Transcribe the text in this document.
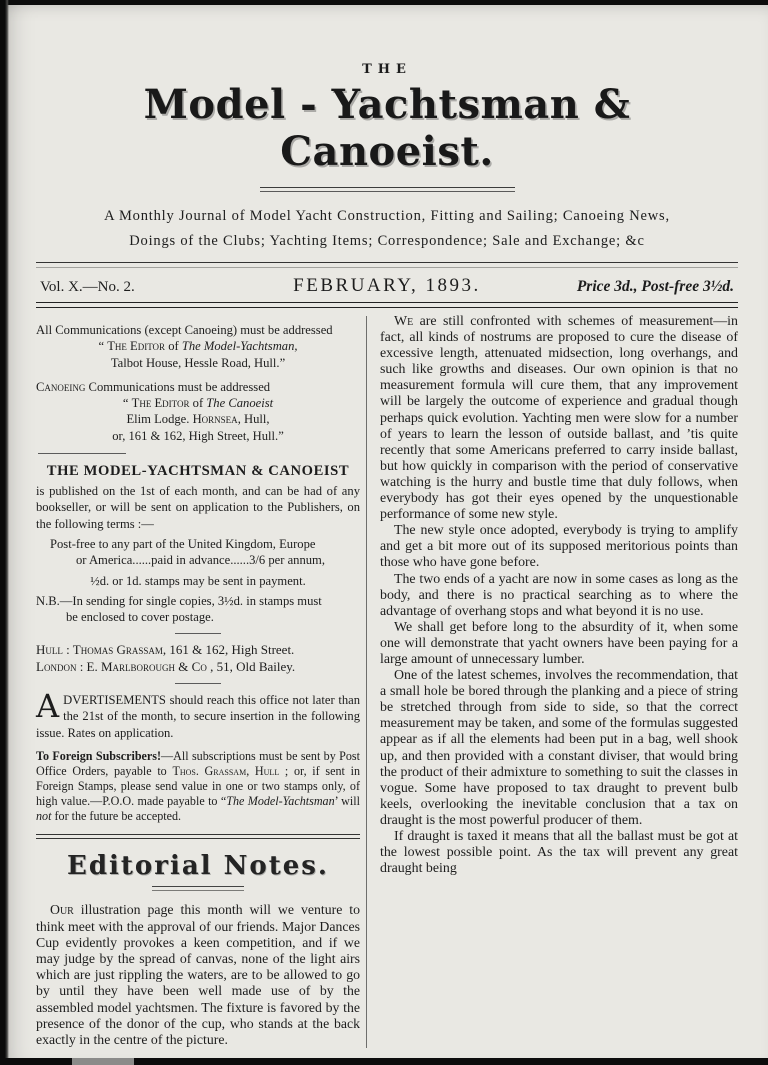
THE
Model - Yachtsman & Canoeist.

A Monthly Journal of Model Yacht Construction, Fitting and Sailing; Canoeing News,
Doings of the Clubs; Yachting Items; Correspondence; Sale and Exchange; &c

Vol. X.—No. 2.	FEBRUARY, 1893.	Price 3d., Post-free 3½d.

All Communications (except Canoeing) must be addressed

“ The Editor of The Model-Yachtsman,

Talbot House, Hessle Road, Hull.”

Canoeing Communications must be addressed

“ The Editor of The Canoeist

Elim Lodge. Hornsea, Hull,

or, 161 & 162, High Street, Hull.”

THE MODEL-YACHTSMAN & CANOEIST

is published on the 1st of each month, and can be had of any bookseller, or will be sent on application to the Publishers, on the following terms :—

Post-free to any part of the United Kingdom, Europe

or America......paid in advance......3/6 per annum,

½d. or 1d. stamps may be sent in payment.

N.B.—In sending for single copies, 3½d. in stamps must

be enclosed to cover postage.

Hull : Thomas Grassam, 161 & 162, High Street.

London : E. Marlborough & Co , 51, Old Bailey.

ADVERTISEMENTS should reach this office not later than the 21st of the month, to secure insertion in the following issue. Rates on application.

To Foreign Subscribers!—All subscriptions must be sent by Post Office Orders, payable to Thos. Grassam, Hull ; or, if sent in Foreign Stamps, please send value in one or two stamps only, of high value.—P.O.O. made payable to “The Model-Yachtsman’ will not for the future be accepted.

Editorial Notes.

Our illustration page this month will we venture to think meet with the approval of our friends. Major Dances Cup evidently provokes a keen competition, and if we may judge by the spread of canvas, none of the light airs which are just rippling the waters, are to be allowed to go by until they have been well made use of by the assembled model yachtsmen. The fixture is favored by the presence of the donor of the cup, who stands at the back exactly in the centre of the picture.

We are still confronted with schemes of measurement—in fact, all kinds of nostrums are proposed to cure the disease of excessive length, attenuated midsection, long overhangs, and such like growths and diseases. Our own opinion is that no measurement formula will cure them, that any improvement will be largely the outcome of experience and gradual though perhaps quick evolution. Yachting men were slow for a number of years to learn the lesson of outside ballast, and ’tis quite recently that some Americans preferred to carry inside ballast, but how quickly in comparison with the period of conservative watching is the hurry and bustle time that duly follows, when everybody has got their eyes opened by the unquestionable performance of some new style.

The new style once adopted, everybody is trying to amplify and get a bit more out of its supposed meritorious points than those who have gone before.

The two ends of a yacht are now in some cases as long as the body, and there is no practical searching as to where the advantage of overhang stops and what beyond it is no use.

We shall get before long to the absurdity of it, when some one will demonstrate that yacht owners have been paying for a large amount of unnecessary lumber.

One of the latest schemes, involves the recommendation, that a small hole be bored through the planking and a piece of string be stretched through from side to side, so that the correct measurement may be taken, and some of the formulas suggested appear as if all the elements had been put in a bag, well shook up, and then provided with a constant diviser, that would bring the product of their admixture to something to suit the classes in vogue. Some have proposed to tax draught to prevent bulb keels, overlooking the inevitable conclusion that a tax on draught is the most powerful producer of them.

If draught is taxed it means that all the ballast must be got at the lowest possible point. As the tax will prevent any great draught being
